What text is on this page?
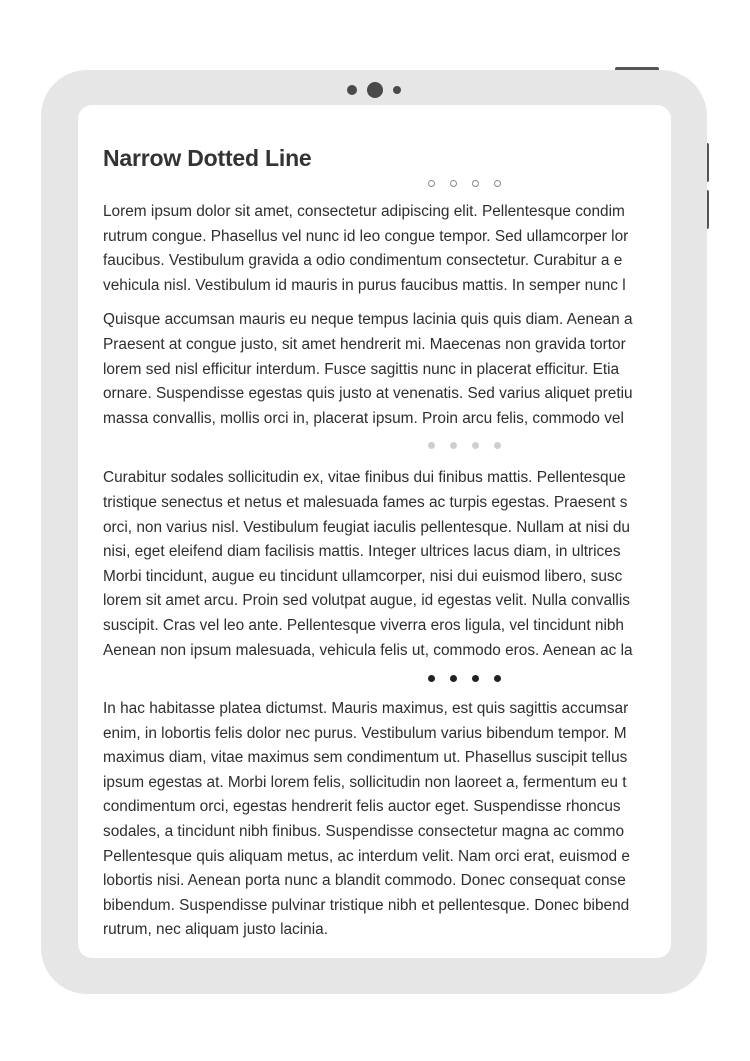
Narrow Dotted Line
Lorem ipsum dolor sit amet, consectetur adipiscing elit. Pellentesque condim
rutrum congue. Phasellus vel nunc id leo congue tempor. Sed ullamcorper lor
faucibus. Vestibulum gravida a odio condimentum consectetur. Curabitur a e
vehicula nisl. Vestibulum id mauris in purus faucibus mattis. In semper nunc l
Quisque accumsan mauris eu neque tempus lacinia quis quis diam. Aenean a
Praesent at congue justo, sit amet hendrerit mi. Maecenas non gravida tortor
lorem sed nisl efficitur interdum. Fusce sagittis nunc in placerat efficitur. Etia
ornare. Suspendisse egestas quis justo at venenatis. Sed varius aliquet pretiu
massa convallis, mollis orci in, placerat ipsum. Proin arcu felis, commodo vel
Curabitur sodales sollicitudin ex, vitae finibus dui finibus mattis. Pellentesque
tristique senectus et netus et malesuada fames ac turpis egestas. Praesent s
orci, non varius nisl. Vestibulum feugiat iaculis pellentesque. Nullam at nisi du
nisi, eget eleifend diam facilisis mattis. Integer ultrices lacus diam, in ultrices
Morbi tincidunt, augue eu tincidunt ullamcorper, nisi dui euismod libero, susc
lorem sit amet arcu. Proin sed volutpat augue, id egestas velit. Nulla convallis
suscipit. Cras vel leo ante. Pellentesque viverra eros ligula, vel tincidunt nibh
Aenean non ipsum malesuada, vehicula felis ut, commodo eros. Aenean ac la
In hac habitasse platea dictumst. Mauris maximus, est quis sagittis accumsar
enim, in lobortis felis dolor nec purus. Vestibulum varius bibendum tempor. M
maximus diam, vitae maximus sem condimentum ut. Phasellus suscipit tellus
ipsum egestas at. Morbi lorem felis, sollicitudin non laoreet a, fermentum eu t
condimentum orci, egestas hendrerit felis auctor eget. Suspendisse rhoncus
sodales, a tincidunt nibh finibus. Suspendisse consectetur magna ac commo
Pellentesque quis aliquam metus, ac interdum velit. Nam orci erat, euismod e
lobortis nisi. Aenean porta nunc a blandit commodo. Donec consequat conse
bibendum. Suspendisse pulvinar tristique nibh et pellentesque. Donec bibend
rutrum, nec aliquam justo lacinia.
